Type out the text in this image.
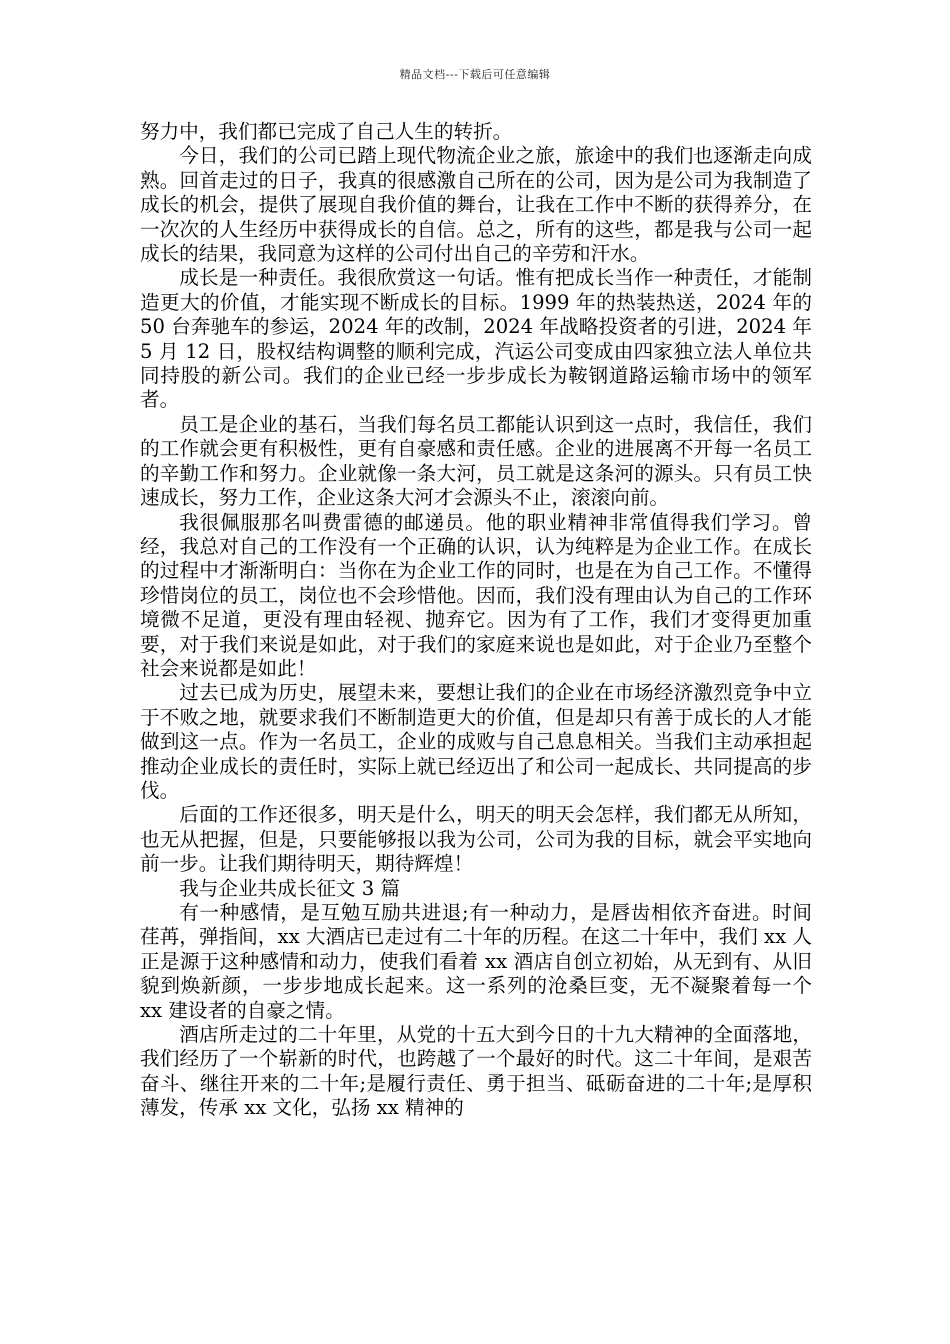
精品文档---下载后可任意编辑

努力中，我们都已完成了自己人生的转折。

今日，我们的公司已踏上现代物流企业之旅，旅途中的我们也逐渐走向成熟。回首走过的日子，我真的很感激自己所在的公司，因为是公司为我制造了成长的机会，提供了展现自我价值的舞台，让我在工作中不断的获得养分，在一次次的人生经历中获得成长的自信。总之，所有的这些，都是我与公司一起成长的结果，我同意为这样的公司付出自己的辛劳和汗水。

成长是一种责任。我很欣赏这一句话。惟有把成长当作一种责任，才能制造更大的价值，才能实现不断成长的目标。1999 年的热装热送，2024 年的 50 台奔驰车的参运，2024 年的改制，2024 年战略投资者的引进，2024 年 5 月 12 日，股权结构调整的顺利完成，汽运公司变成由四家独立法人单位共同持股的新公司。我们的企业已经一步步成长为鞍钢道路运输市场中的领军者。

员工是企业的基石，当我们每名员工都能认识到这一点时，我信任，我们的工作就会更有积极性，更有自豪感和责任感。企业的进展离不开每一名员工的辛勤工作和努力。企业就像一条大河，员工就是这条河的源头。只有员工快速成长，努力工作，企业这条大河才会源头不止，滚滚向前。

我很佩服那名叫费雷德的邮递员。他的职业精神非常值得我们学习。曾经，我总对自己的工作没有一个正确的认识，认为纯粹是为企业工作。在成长的过程中才渐渐明白：当你在为企业工作的同时，也是在为自己工作。不懂得珍惜岗位的员工，岗位也不会珍惜他。因而，我们没有理由认为自己的工作环境微不足道，更没有理由轻视、抛弃它。因为有了工作，我们才变得更加重要，对于我们来说是如此，对于我们的家庭来说也是如此，对于企业乃至整个社会来说都是如此！

过去已成为历史，展望未来，要想让我们的企业在市场经济激烈竞争中立于不败之地，就要求我们不断制造更大的价值，但是却只有善于成长的人才能做到这一点。作为一名员工，企业的成败与自己息息相关。当我们主动承担起推动企业成长的责任时，实际上就已经迈出了和公司一起成长、共同提高的步伐。

后面的工作还很多，明天是什么，明天的明天会怎样，我们都无从所知，也无从把握，但是，只要能够报以我为公司，公司为我的目标，就会平实地向前一步。让我们期待明天，期待辉煌！

我与企业共成长征文 3 篇

有一种感情，是互勉互励共进退;有一种动力，是唇齿相依齐奋进。时间荏苒，弹指间，xx 大酒店已走过有二十年的历程。在这二十年中，我们 xx 人正是源于这种感情和动力，使我们看着 xx 酒店自创立初始，从无到有、从旧貌到焕新颜，一步步地成长起来。这一系列的沧桑巨变，无不凝聚着每一个 xx 建设者的自豪之情。

酒店所走过的二十年里，从党的十五大到今日的十九大精神的全面落地，我们经历了一个崭新的时代，也跨越了一个最好的时代。这二十年间，是艰苦奋斗、继往开来的二十年;是履行责任、勇于担当、砥砺奋进的二十年;是厚积薄发，传承 xx 文化，弘扬 xx 精神的
